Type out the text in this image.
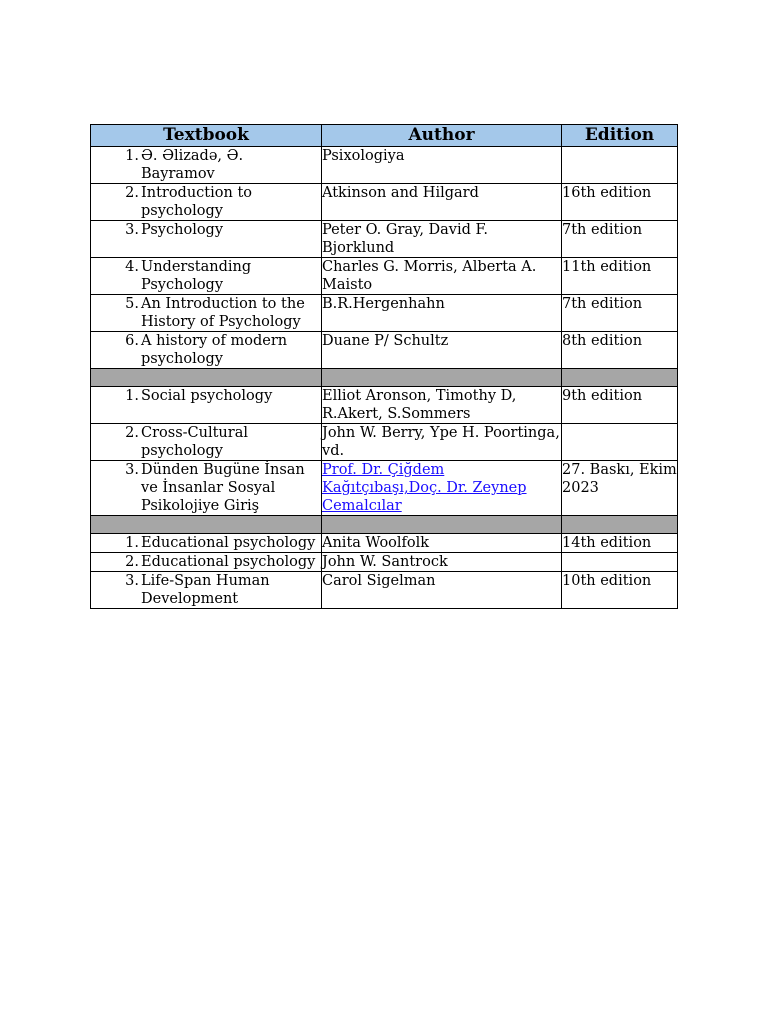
Textbook	Author	Edition

1. Ə. Əlizadə, Ə. Bayramov	Psixologiya	

2. Introduction to psychology	Atkinson and Hilgard	16th edition

3. Psychology	Peter O. Gray, David F. Bjorklund	7th edition

4. Understanding Psychology	Charles G. Morris, Alberta A. Maisto	11th edition

5. An Introduction to the History of Psychology	B.R.Hergenhahn	7th edition

6. A history of modern psychology	Duane P/ Schultz	8th edition

1. Social psychology	Elliot Aronson, Timothy D, R.Akert, S.Sommers	9th edition

2. Cross-Cultural psychology	John W. Berry, Ype H. Poortinga, vd.	

3. Dünden Bugüne İnsan ve İnsanlar Sosyal Psikolojiye Giriş	Prof. Dr. Çiğdem Kağıtçıbaşı,Doç. Dr. Zeynep Cemalcılar	27. Baskı, Ekim 2023

1. Educational psychology	Anita Woolfolk	14th edition

2. Educational psychology	John W. Santrock	

3. Life-Span Human Development	Carol Sigelman	10th edition
